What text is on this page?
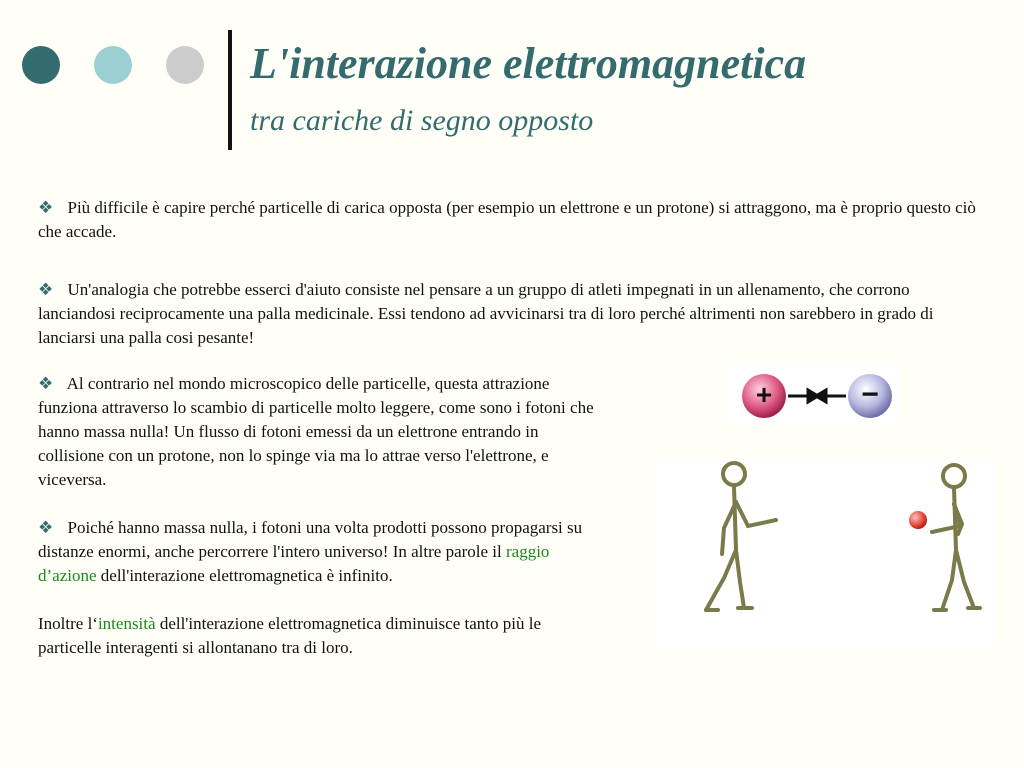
L'interazione elettromagnetica
tra cariche di segno opposto
❖ Più difficile è capire perché particelle di carica opposta (per esempio un elettrone e un protone) si attraggono, ma è proprio questo ciò che accade.
❖ Un'analogia che potrebbe esserci d'aiuto consiste nel pensare a un gruppo di atleti impegnati in un allenamento, che corrono lanciandosi reciprocamente una palla medicinale. Essi tendono ad avvicinarsi tra di loro perché altrimenti non sarebbero in grado di lanciarsi una palla cosi pesante!
❖ Al contrario nel mondo microscopico delle particelle, questa attrazione funziona attraverso lo scambio di particelle molto leggere, come sono i fotoni che hanno massa nulla! Un flusso di fotoni emessi da un elettrone entrando in collisione con un protone, non lo spinge via ma lo attrae verso l'elettrone, e viceversa.
❖ Poiché hanno massa nulla, i fotoni una volta prodotti possono propagarsi su distanze enormi, anche percorrere l'intero universo! In altre parole il raggio d’azione dell'interazione elettromagnetica è infinito.
Inoltre l‘intensità dell'interazione elettromagnetica diminuisce tanto più le particelle interagenti si allontanano tra di loro.
+	−
